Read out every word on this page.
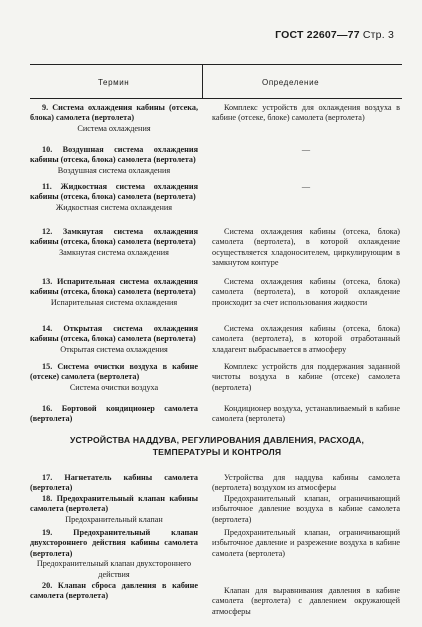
ГОСТ 22607—77 Стр. 3
Термин	Определение
9. Система охлаждения кабины (отсека, блока) самолета (вертолета)
Система охлаждения
Комплекс устройств для охлаждения воздуха в кабине (отсеке, блоке) самолета (вертолета)
10. Воздушная система охлаждения кабины (отсека, блока) самолета (вертолета)
Воздушная система охлаждения
—
11. Жидкостная система охлаждения кабины (отсека, блока) самолета (вертолета)
Жидкостная система охлаждения
—
12. Замкнутая система охлаждения кабины (отсека, блока) самолета (вертолета)
Замкнутая система охлаждения
Система охлаждения кабины (отсека, блока) самолета (вертолета), в которой охлаждение осуществляется хладоносителем, циркулирующим в замкнутом контуре
13. Испарительная система охлаждения кабины (отсека, блока) самолета (вертолета)
Испарительная система охлаждения
Система охлаждения кабины (отсека, блока) самолета (вертолета), в которой охлаждение происходит за счет использования жидкости
14. Открытая система охлаждения кабины (отсека, блока) самолета (вертолета)
Открытая система охлаждения
Система охлаждения кабины (отсека, блока) самолета (вертолета), в которой отработанный хладагент выбрасывается в атмосферу
15. Система очистки воздуха в кабине (отсеке) самолета (вертолета)
Система очистки воздуха
Комплекс устройств для поддержания заданной чистоты воздуха в кабине (отсеке) самолета (вертолета)
16. Бортовой кондиционер самолета (вертолета)
Кондиционер воздуха, устанавливаемый в кабине самолета (вертолета)
УСТРОЙСТВА НАДДУВА, РЕГУЛИРОВАНИЯ ДАВЛЕНИЯ, РАСХОДА, ТЕМПЕРАТУРЫ И КОНТРОЛЯ
17. Нагнетатель кабины самолета (вертолета)
Устройства для наддува кабины самолета (вертолета) воздухом из атмосферы
18. Предохранительный клапан кабины самолета (вертолета)
Предохранительный клапан
Предохранительный клапан, ограничивающий избыточное давление воздуха в кабине самолета (вертолета)
19. Предохранительный клапан двухстороннего действия кабины самолета (вертолета)
Предохранительный клапан двухстороннего действия
Предохранительный клапан, ограничивающий избыточное давление и разрежение воздуха в кабине самолета (вертолета)
20. Клапан сброса давления в кабине самолета (вертолета)
Клапан для выравнивания давления в кабине самолета (вертолета) с давлением окружающей атмосферы
